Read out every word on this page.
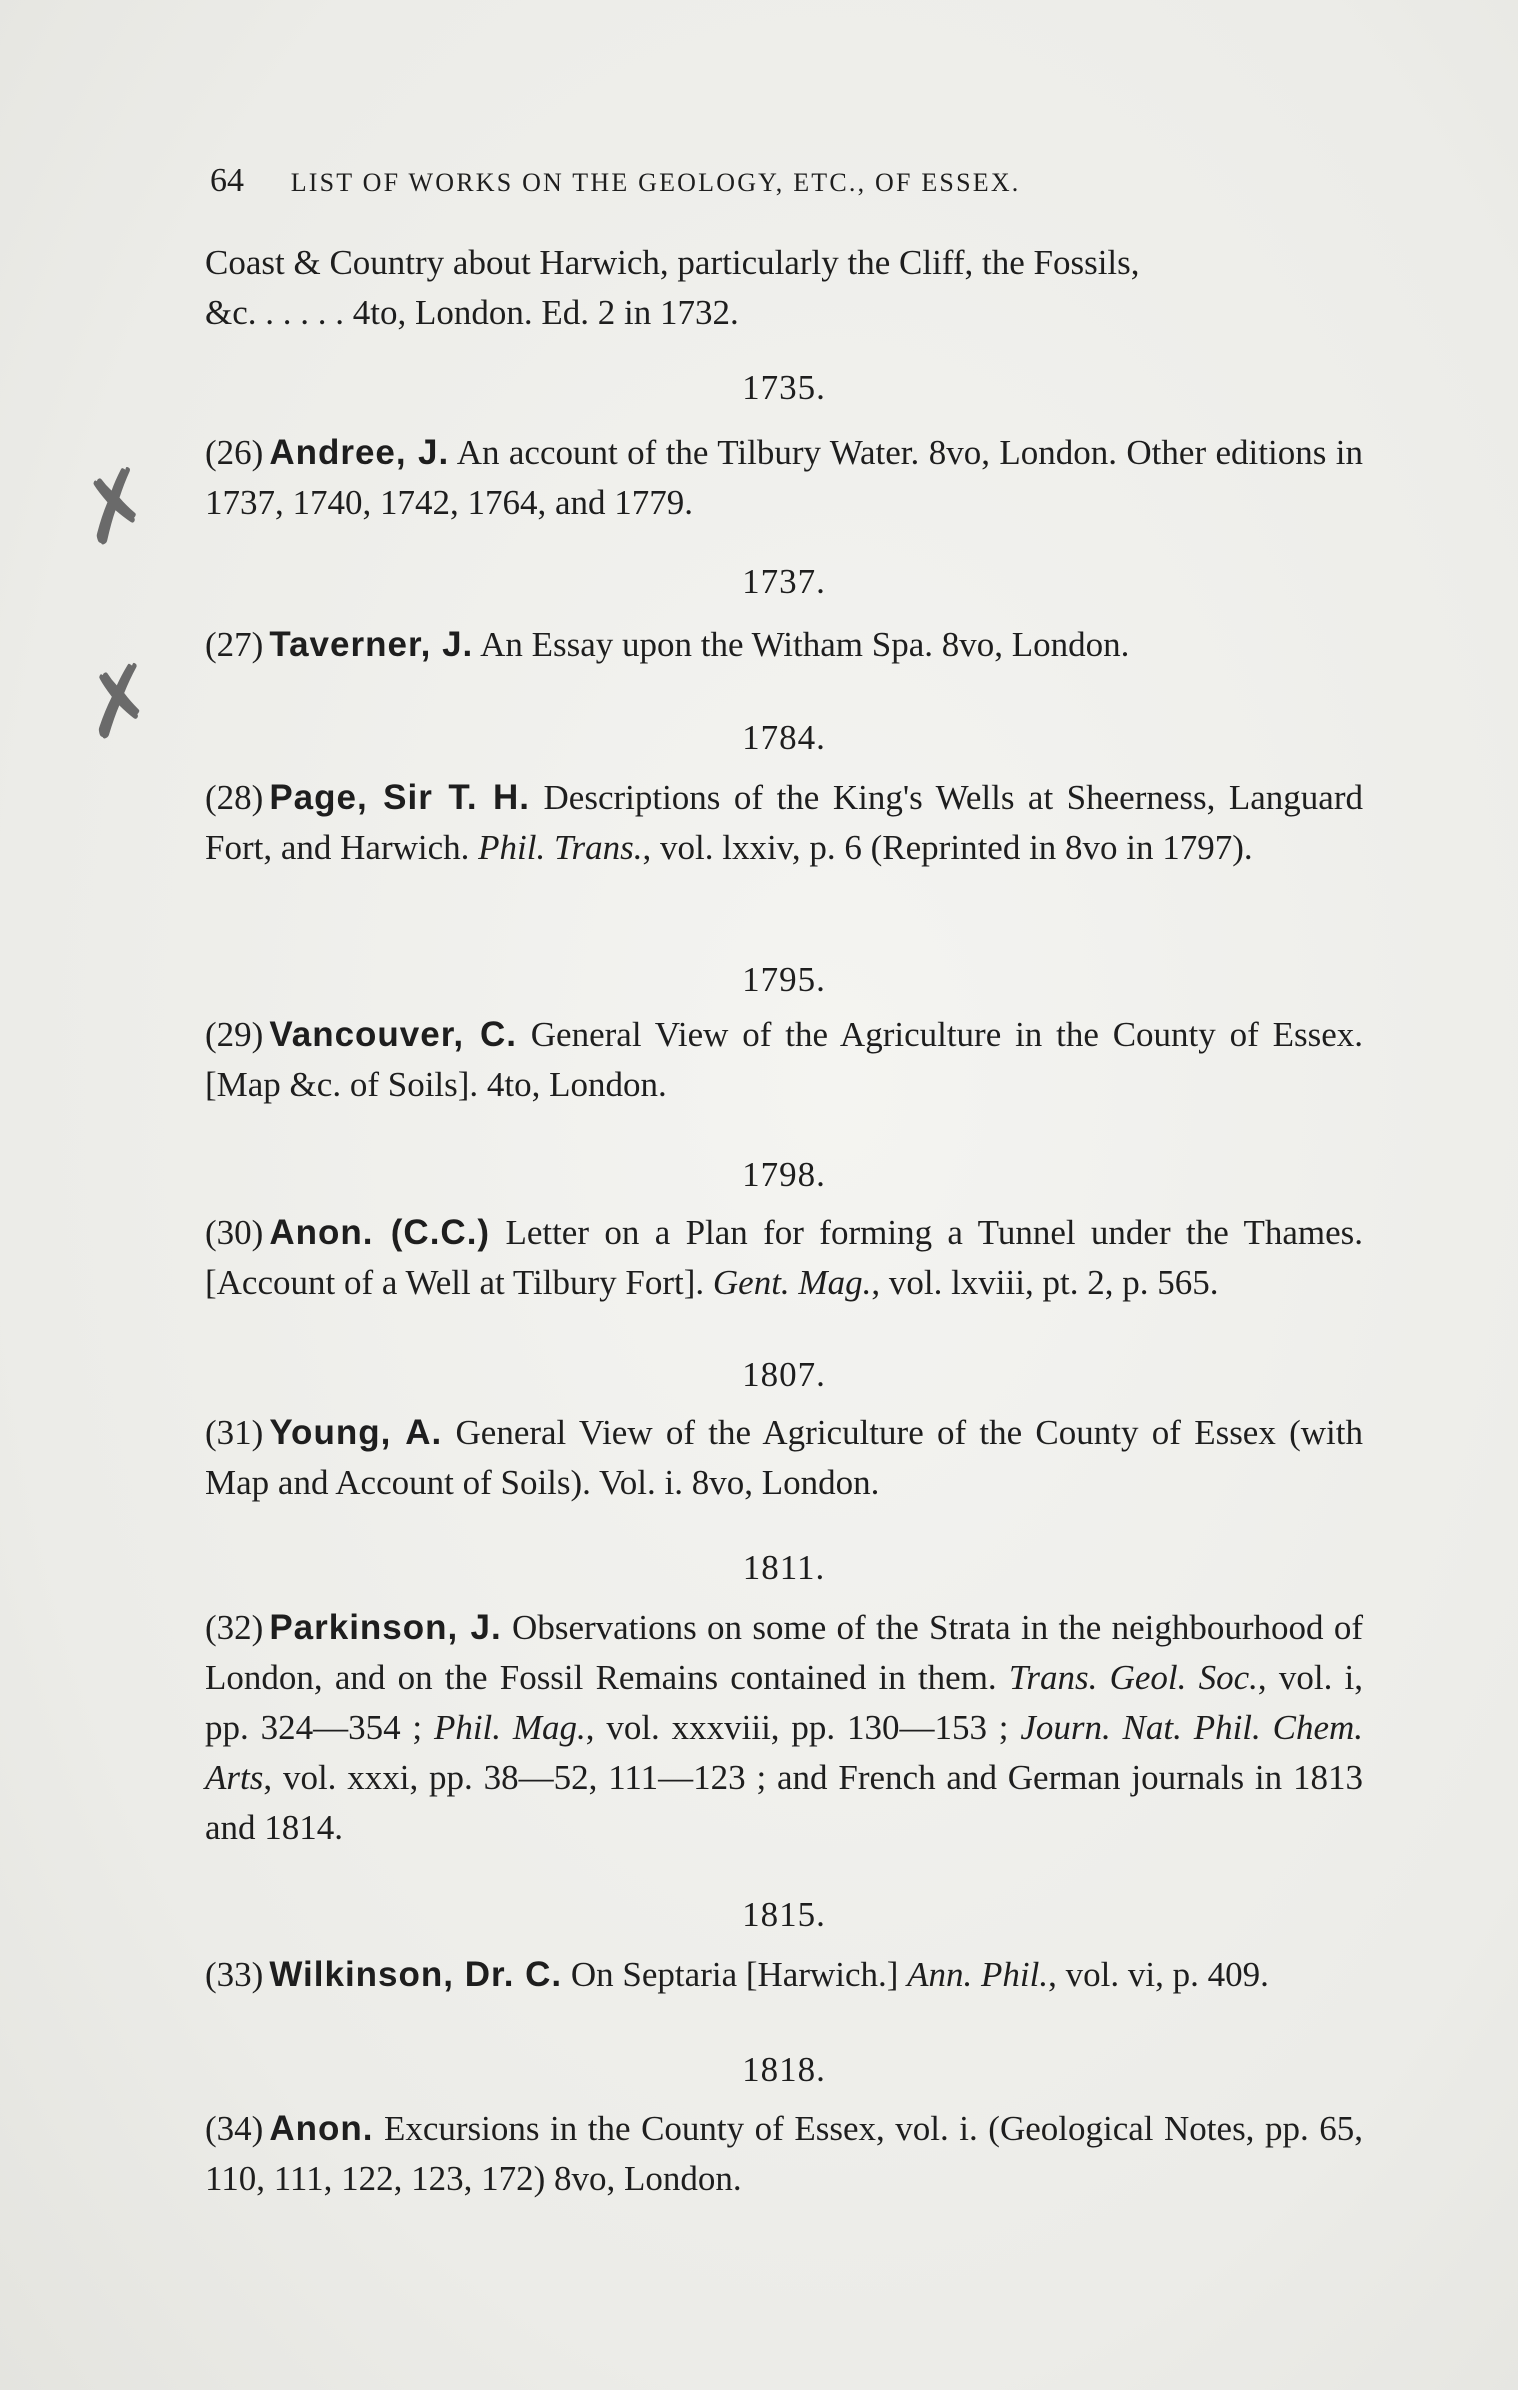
64 LIST OF WORKS ON THE GEOLOGY, ETC., OF ESSEX.

Coast & Country about Harwich, particularly the Cliff, the Fossils,
&c. . . . . . 4to, London. Ed. 2 in 1732.

✗
✗
1735.

(26) Andree, J. An account of the Tilbury Water. 8vo, London. Other editions in 1737, 1740, 1742, 1764, and 1779.

1737.

(27) Taverner, J. An Essay upon the Witham Spa. 8vo, London.

1784.

(28) Page, Sir T. H. Descriptions of the King's Wells at Sheerness, Languard Fort, and Harwich. Phil. Trans., vol. lxxiv, p. 6 (Reprinted in 8vo in 1797).

1795.

(29) Vancouver, C. General View of the Agriculture in the County of Essex. [Map &c. of Soils]. 4to, London.

1798.

(30) Anon. (C.C.) Letter on a Plan for forming a Tunnel under the Thames. [Account of a Well at Tilbury Fort]. Gent. Mag., vol. lxviii, pt. 2, p. 565.

1807.

(31) Young, A. General View of the Agriculture of the County of Essex (with Map and Account of Soils). Vol. i. 8vo, London.

1811.

(32) Parkinson, J. Observations on some of the Strata in the neighbourhood of London, and on the Fossil Remains contained in them. Trans. Geol. Soc., vol. i, pp. 324—354 ; Phil. Mag., vol. xxxviii, pp. 130—153 ; Journ. Nat. Phil. Chem. Arts, vol. xxxi, pp. 38—52, 111—123 ; and French and German journals in 1813 and 1814.

1815.

(33) Wilkinson, Dr. C. On Septaria [Harwich.] Ann. Phil., vol. vi, p. 409.

1818.

(34) Anon. Excursions in the County of Essex, vol. i. (Geological Notes, pp. 65, 110, 111, 122, 123, 172) 8vo, London.
